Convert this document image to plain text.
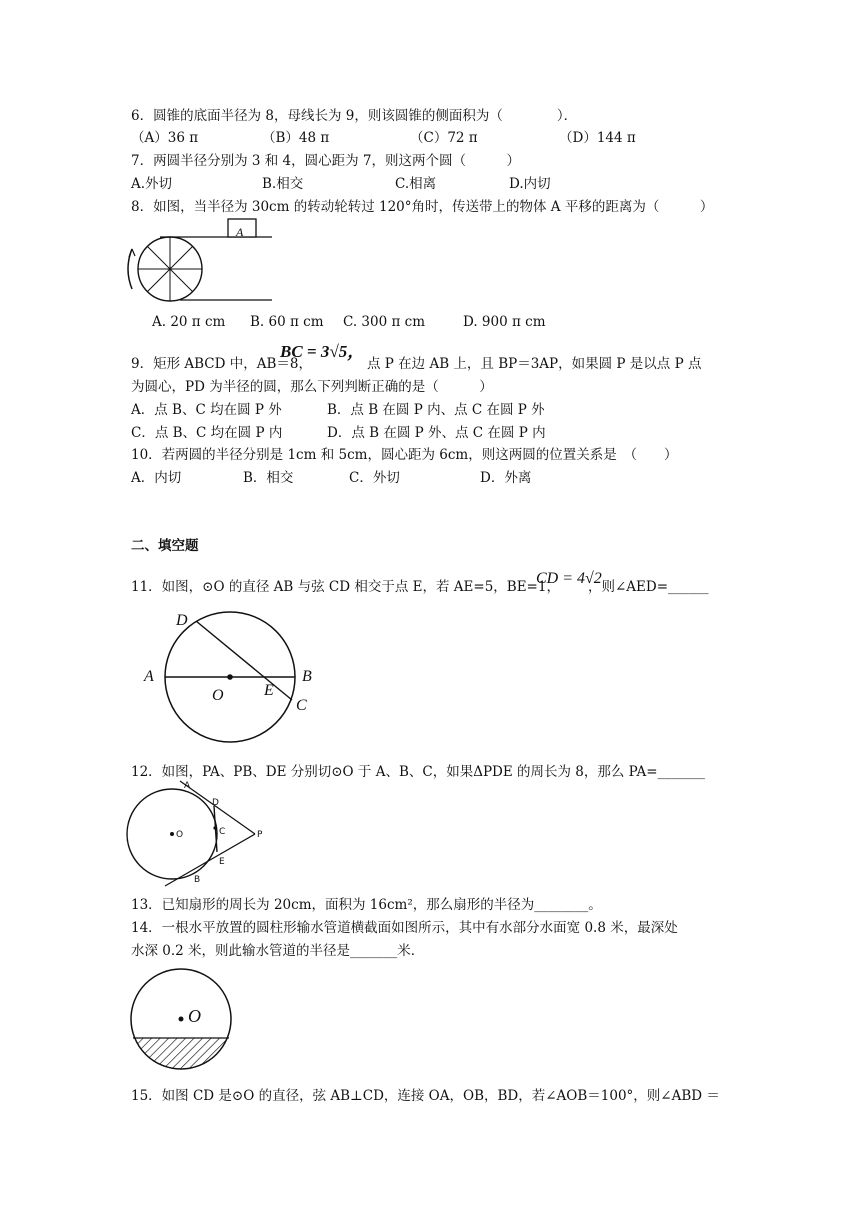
6．圆锥的底面半径为 8，母线长为 9，则该圆锥的侧面积为（　　　　）．
（A）36 π	（B）48 π	（C）72 π	（D）144 π
7．两圆半径分别为 3 和 4，圆心距为 7，则这两个圆（　　　）
A.外切	B.相交	C.相离	D.内切
8．如图，当半径为 30cm 的转动轮转过 120°角时，传送带上的物体 A 平移的距离为（　　　）
A
A. 20 π cm B. 60 π cm C. 300 π cm	D. 900 π cm
9．矩形 ABCD 中，AB＝8，
BC = 3√5，
点 P 在边 AB 上，且 BP＝3AP，如果圆 P 是以点 P 点
为圆心，PD 为半径的圆，那么下列判断正确的是（　　　）
A．点 B、C 均在圆 P 外	B．点 B 在圆 P 内、点 C 在圆 P 外
C．点 B、C 均在圆 P 内	D．点 B 在圆 P 外、点 C 在圆 P 内
10．若两圆的半径分别是 1cm 和 5cm，圆心距为 6cm，则这两圆的位置关系是　（　　）
A．内切	B．相交	C．外切	D．外离
二、填空题
11．如图，⊙O 的直径 AB 与弦 CD 相交于点 E，若 AE=5，BE=1，
CD = 4√2
，则∠AED=______
D
A
O	E
B
C
12．如图，PA、PB、DE 分别切⊙O 于 A、B、C，如果ΔPDE 的周长为 8，那么 PA=_______
A
D
O	C	P
E
B
13．已知扇形的周长为 20cm，面积为 16cm²，那么扇形的半径为________。
14．一根水平放置的圆柱形输水管道横截面如图所示，其中有水部分水面宽 0.8 米，最深处
水深 0.2 米，则此输水管道的半径是_______米．
O
15．如图 CD 是⊙O 的直径，弦 AB⊥CD，连接 OA，OB，BD，若∠AOB＝100°，则∠ABD ＝
